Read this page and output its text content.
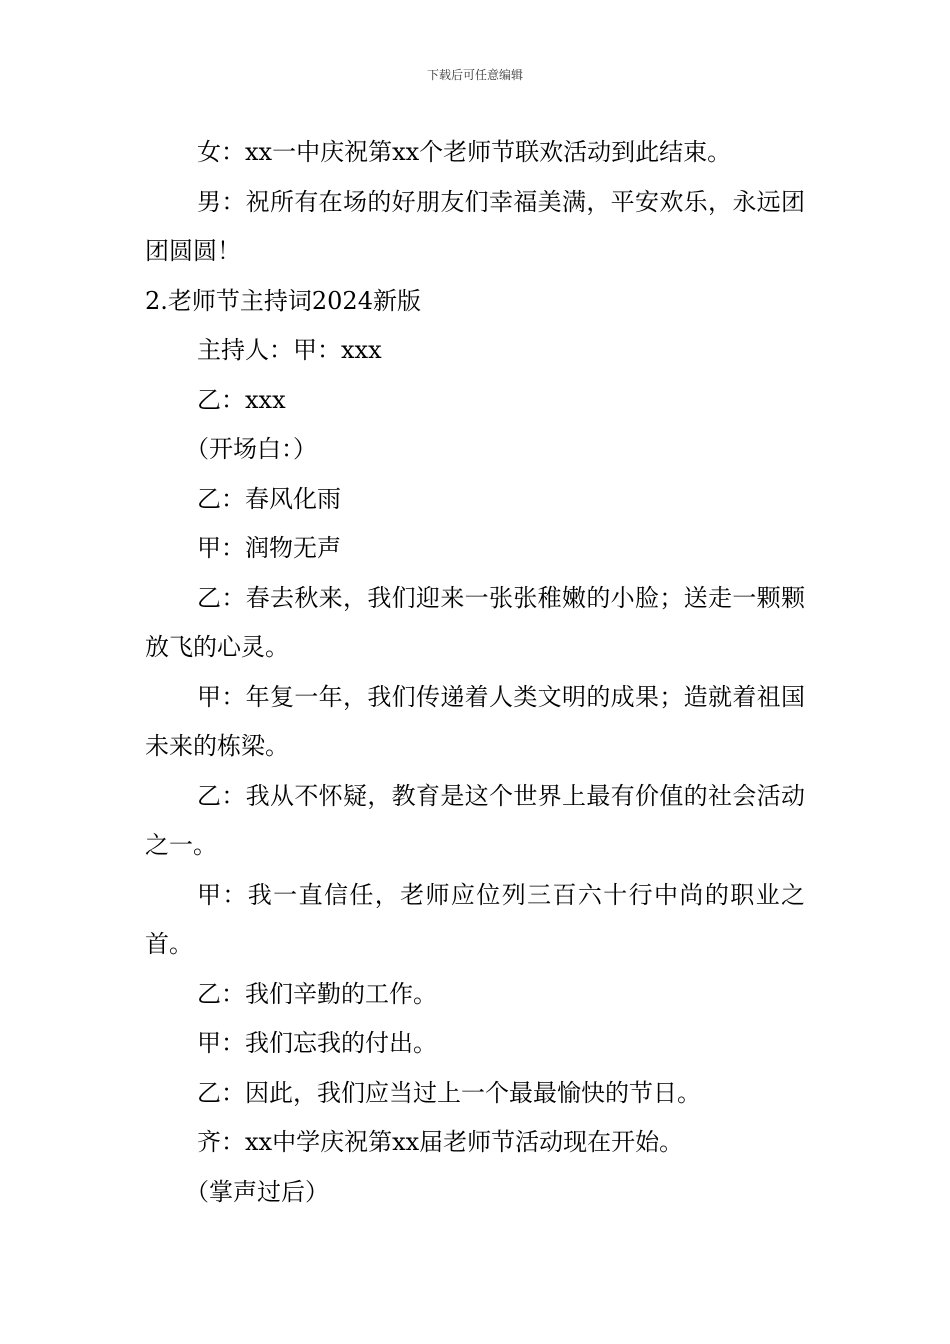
下载后可任意编辑

女：xx一中庆祝第xx个老师节联欢活动到此结束。

男：祝所有在场的好朋友们幸福美满，平安欢乐，永远团团圆圆！

2.老师节主持词2024新版

主持人：甲：xxx

乙：xxx

（开场白：）

乙：春风化雨

甲：润物无声

乙：春去秋来，我们迎来一张张稚嫩的小脸；送走一颗颗放飞的心灵。

甲：年复一年，我们传递着人类文明的成果；造就着祖国未来的栋梁。

乙：我从不怀疑，教育是这个世界上最有价值的社会活动之一。

甲：我一直信任，老师应位列三百六十行中尚的职业之首。

乙：我们辛勤的工作。

甲：我们忘我的付出。

乙：因此，我们应当过上一个最最愉快的节日。

齐：xx中学庆祝第xx届老师节活动现在开始。

（掌声过后）
